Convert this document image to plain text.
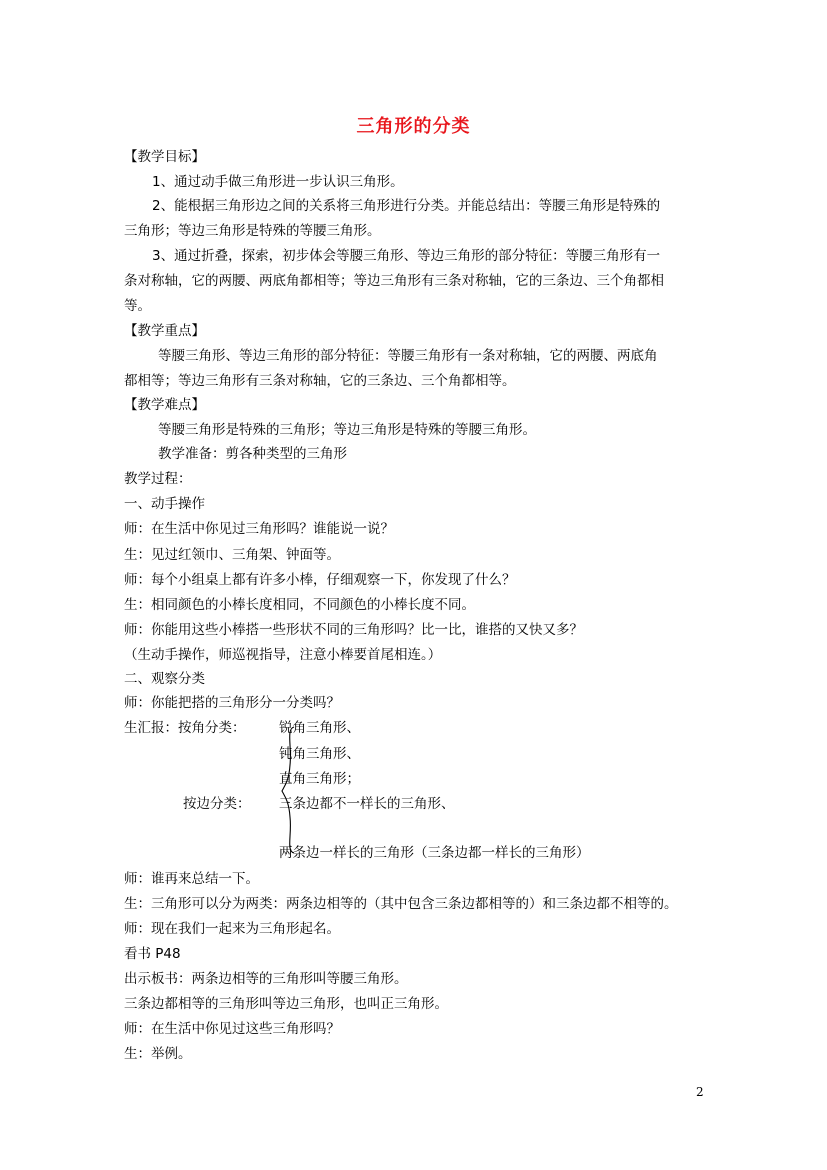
三角形的分类
【教学目标】
1、通过动手做三角形进一步认识三角形。
2、能根据三角形边之间的关系将三角形进行分类。并能总结出：等腰三角形是特殊的
三角形；等边三角形是特殊的等腰三角形。
3、通过折叠，探索，初步体会等腰三角形、等边三角形的部分特征：等腰三角形有一
条对称轴，它的两腰、两底角都相等；等边三角形有三条对称轴，它的三条边、三个角都相
等。
【教学重点】
等腰三角形、等边三角形的部分特征：等腰三角形有一条对称轴，它的两腰、两底角
都相等；等边三角形有三条对称轴，它的三条边、三个角都相等。
【教学难点】
等腰三角形是特殊的三角形；等边三角形是特殊的等腰三角形。
教学准备：剪各种类型的三角形
教学过程：
一、动手操作
师：在生活中你见过三角形吗？谁能说一说？
生：见过红领巾、三角架、钟面等。
师：每个小组桌上都有许多小棒，仔细观察一下，你发现了什么？
生：相同颜色的小棒长度相同，不同颜色的小棒长度不同。
师：你能用这些小棒搭一些形状不同的三角形吗？比一比，谁搭的又快又多？
（生动手操作，师巡视指导，注意小棒要首尾相连。）
二、观察分类
师：你能把搭的三角形分一分类吗？
生汇报：按角分类： 锐角三角形、
钝角三角形、
直角三角形；
按边分类： 三条边都不一样长的三角形、
两条边一样长的三角形（三条边都一样长的三角形）
师：谁再来总结一下。
生：三角形可以分为两类：两条边相等的（其中包含三条边都相等的）和三条边都不相等的。
师：现在我们一起来为三角形起名。
看书 P48
出示板书：两条边相等的三角形叫等腰三角形。
三条边都相等的三角形叫等边三角形，也叫正三角形。
师：在生活中你见过这些三角形吗？
生：举例。
2
